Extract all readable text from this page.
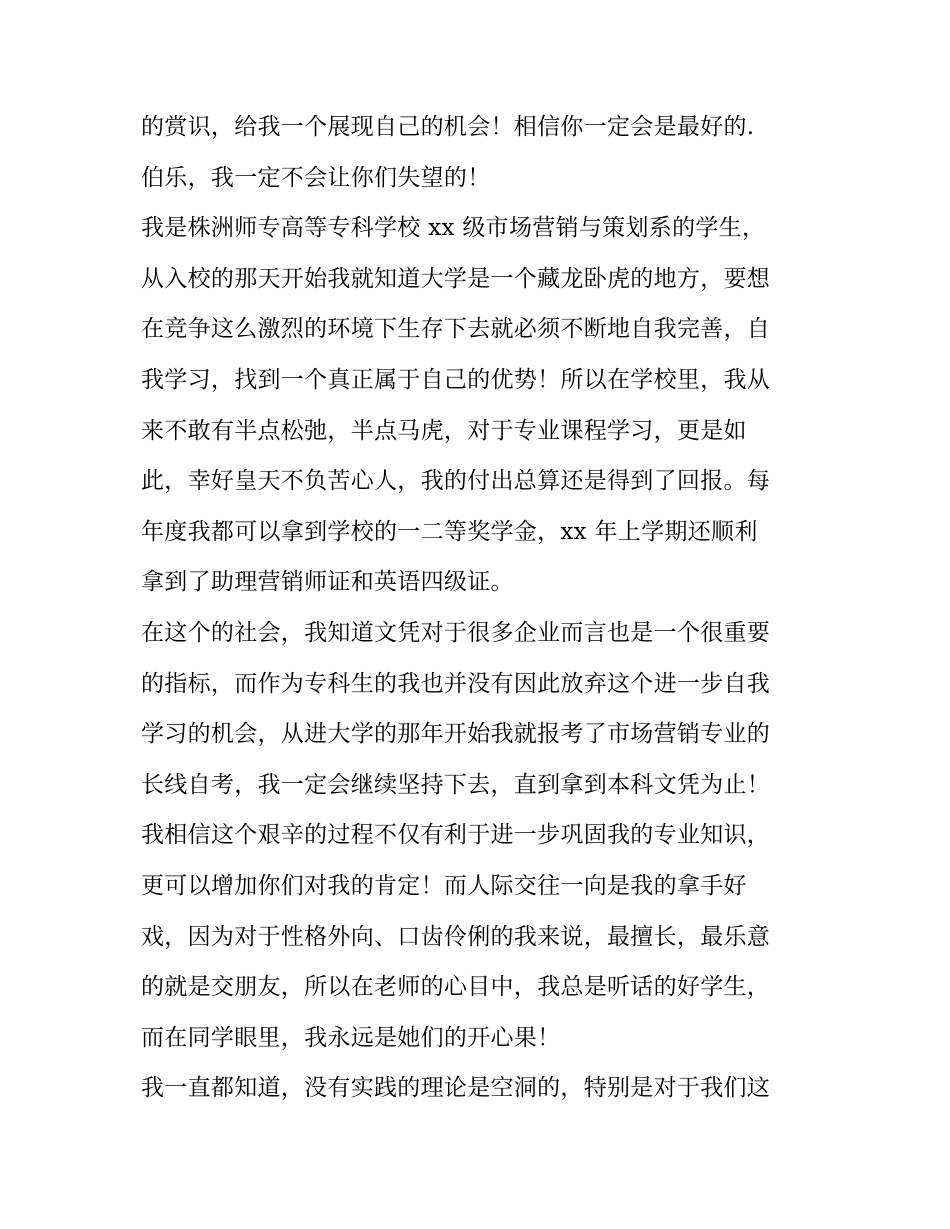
的赏识，给我一个展现自己的机会！相信你一定会是最好的.
伯乐，我一定不会让你们失望的！
我是株洲师专高等专科学校 xx 级市场营销与策划系的学生，
从入校的那天开始我就知道大学是一个藏龙卧虎的地方，要想
在竞争这么激烈的环境下生存下去就必须不断地自我完善，自
我学习，找到一个真正属于自己的优势！所以在学校里，我从
来不敢有半点松弛，半点马虎，对于专业课程学习，更是如
此，幸好皇天不负苦心人，我的付出总算还是得到了回报。每
年度我都可以拿到学校的一二等奖学金，xx 年上学期还顺利
拿到了助理营销师证和英语四级证。
在这个的社会，我知道文凭对于很多企业而言也是一个很重要
的指标，而作为专科生的我也并没有因此放弃这个进一步自我
学习的机会，从进大学的那年开始我就报考了市场营销专业的
长线自考，我一定会继续坚持下去，直到拿到本科文凭为止！
我相信这个艰辛的过程不仅有利于进一步巩固我的专业知识，
更可以增加你们对我的肯定！而人际交往一向是我的拿手好
戏，因为对于性格外向、口齿伶俐的我来说，最擅长，最乐意
的就是交朋友，所以在老师的心目中，我总是听话的好学生，
而在同学眼里，我永远是她们的开心果！
我一直都知道，没有实践的理论是空洞的，特别是对于我们这
